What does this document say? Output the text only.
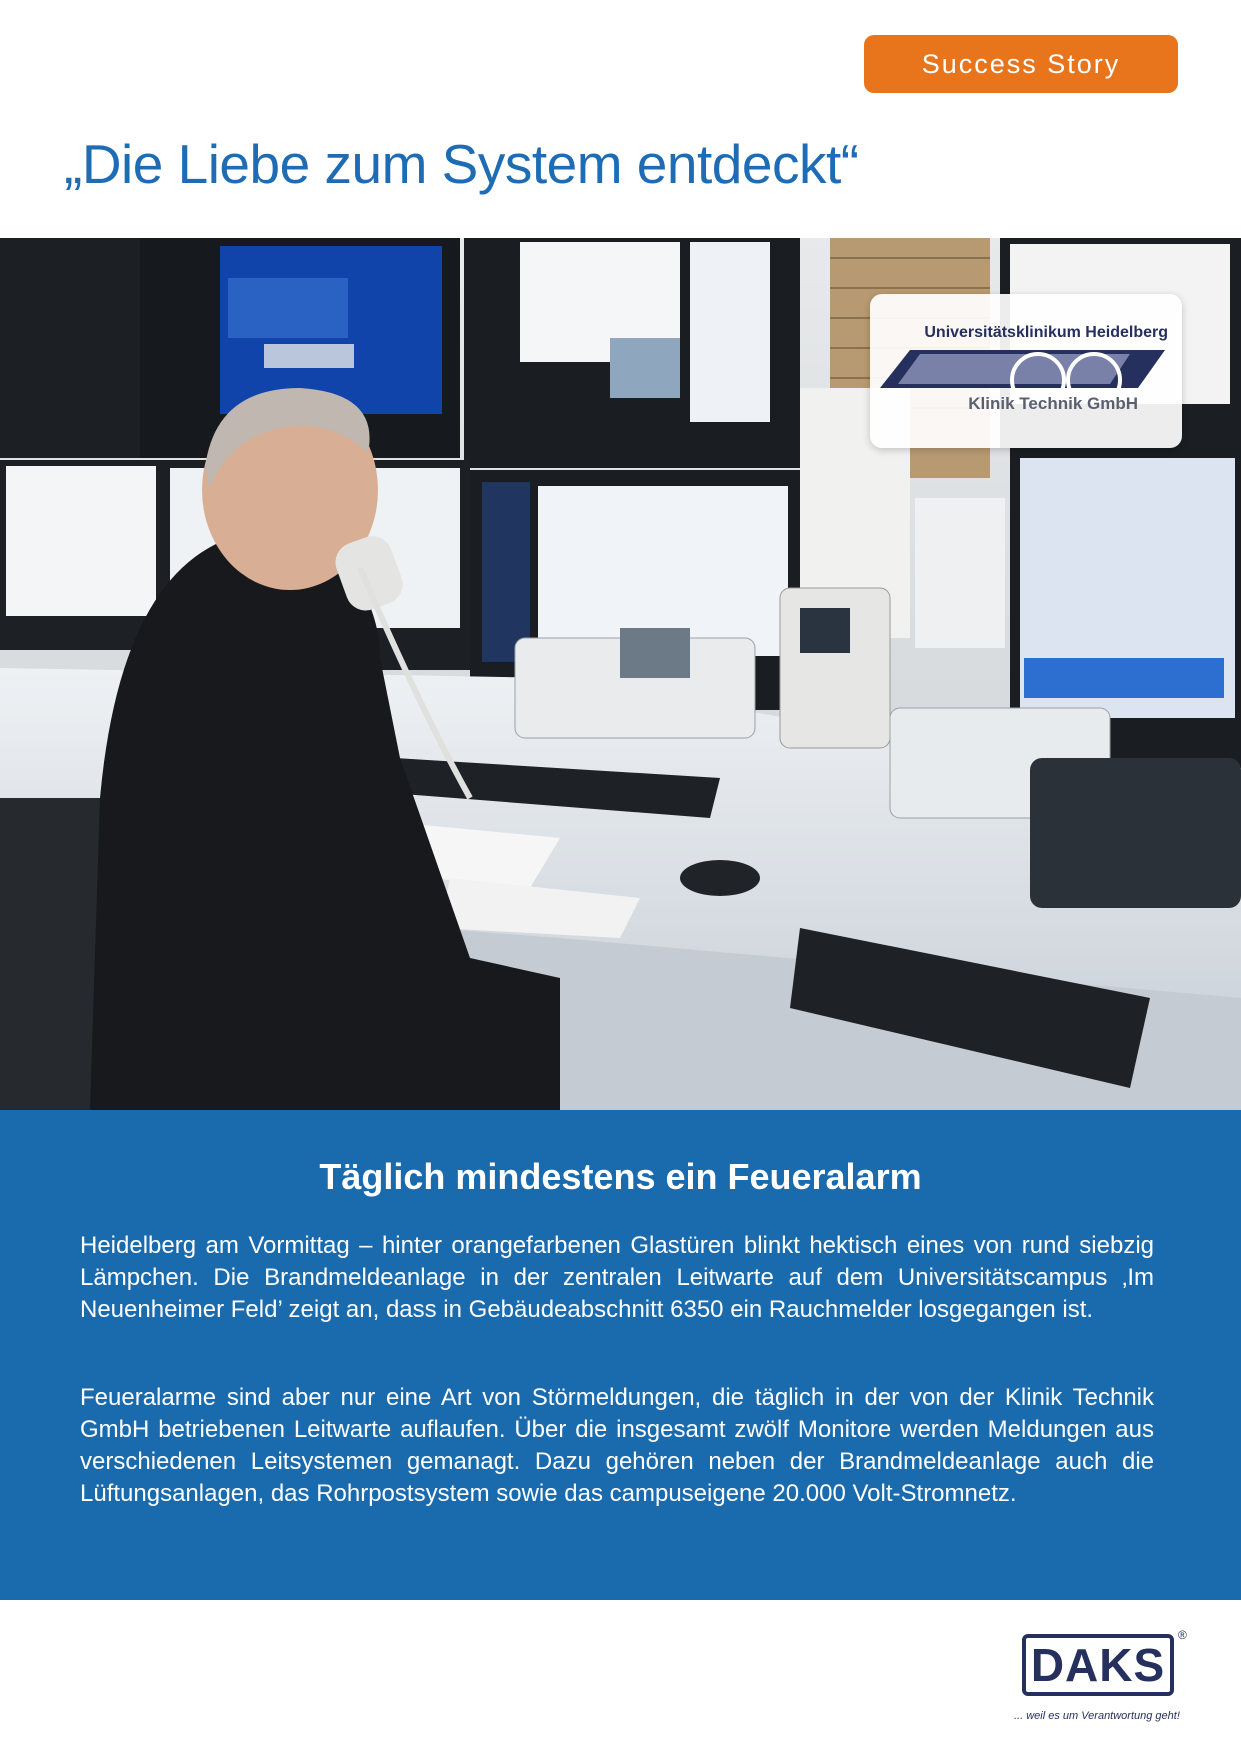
Success Story
„Die Liebe zum System entdeckt“
Universitätsklinikum Heidelberg
Klinik Technik GmbH
Täglich mindestens ein Feueralarm

Heidelberg am Vormittag – hinter orangefarbenen Glastüren blinkt hektisch eines von rund siebzig Lämpchen. Die Brandmeldeanlage in der zentralen Leitwarte auf dem Universitätscampus ‚Im Neuenheimer Feld’ zeigt an, dass in Gebäudeabschnitt 6350 ein Rauchmelder losgegangen ist.

Feueralarme sind aber nur eine Art von Störmeldungen, die täglich in der von der Klinik Technik GmbH betriebenen Leitwarte auflaufen. Über die insgesamt zwölf Monitore werden Meldungen aus verschiedenen Leitsystemen gemanagt. Dazu gehören neben der Brandmeldeanlage auch die Lüftungsanlagen, das Rohrpostsystem sowie das campuseigene 20.000 Volt-Stromnetz.

DAKS
®
... weil es um Verantwortung geht!
